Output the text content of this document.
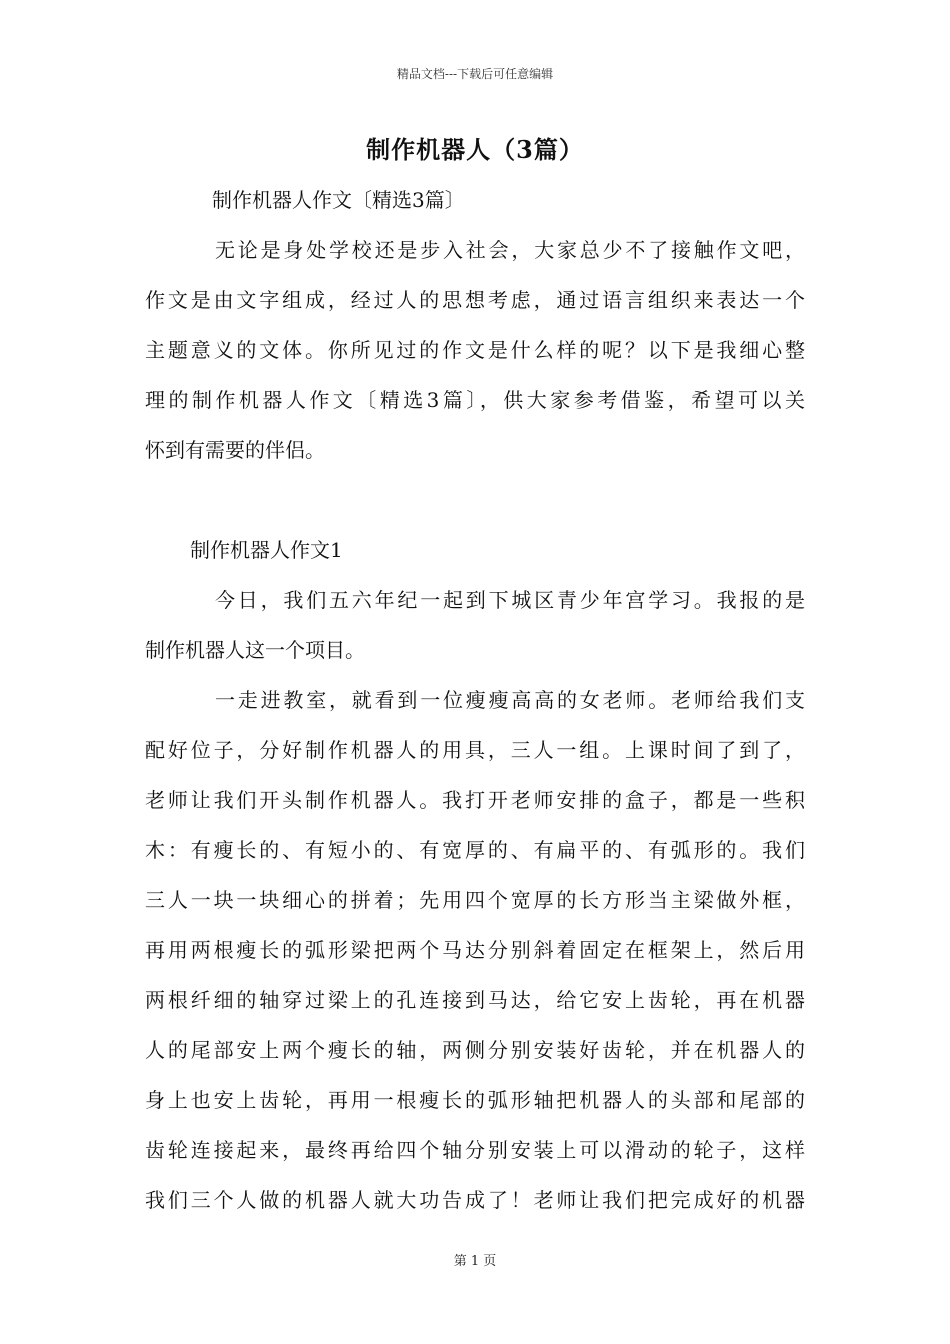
精品文档---下载后可任意编辑
制作机器人（3篇）
制作机器人作文〔精选3篇〕
无论是身处学校还是步入社会，大家总少不了接触作文吧，
作文是由文字组成，经过人的思想考虑，通过语言组织来表达一个
主题意义的文体。你所见过的作文是什么样的呢？以下是我细心整
理的制作机器人作文〔精选3篇〕，供大家参考借鉴，希望可以关
怀到有需要的伴侣。
制作机器人作文1
今日，我们五六年纪一起到下城区青少年宫学习。我报的是
制作机器人这一个项目。
一走进教室，就看到一位瘦瘦高高的女老师。老师给我们支
配好位子，分好制作机器人的用具，三人一组。上课时间了到了，
老师让我们开头制作机器人。我打开老师安排的盒子，都是一些积
木：有瘦长的、有短小的、有宽厚的、有扁平的、有弧形的。我们
三人一块一块细心的拼着；先用四个宽厚的长方形当主梁做外框，
再用两根瘦长的弧形梁把两个马达分别斜着固定在框架上，然后用
两根纤细的轴穿过梁上的孔连接到马达，给它安上齿轮，再在机器
人的尾部安上两个瘦长的轴，两侧分别安装好齿轮，并在机器人的
身上也安上齿轮，再用一根瘦长的弧形轴把机器人的头部和尾部的
齿轮连接起来，最终再给四个轴分别安装上可以滑动的轮子，这样
我们三个人做的机器人就大功告成了！老师让我们把完成好的机器
第 1 页
